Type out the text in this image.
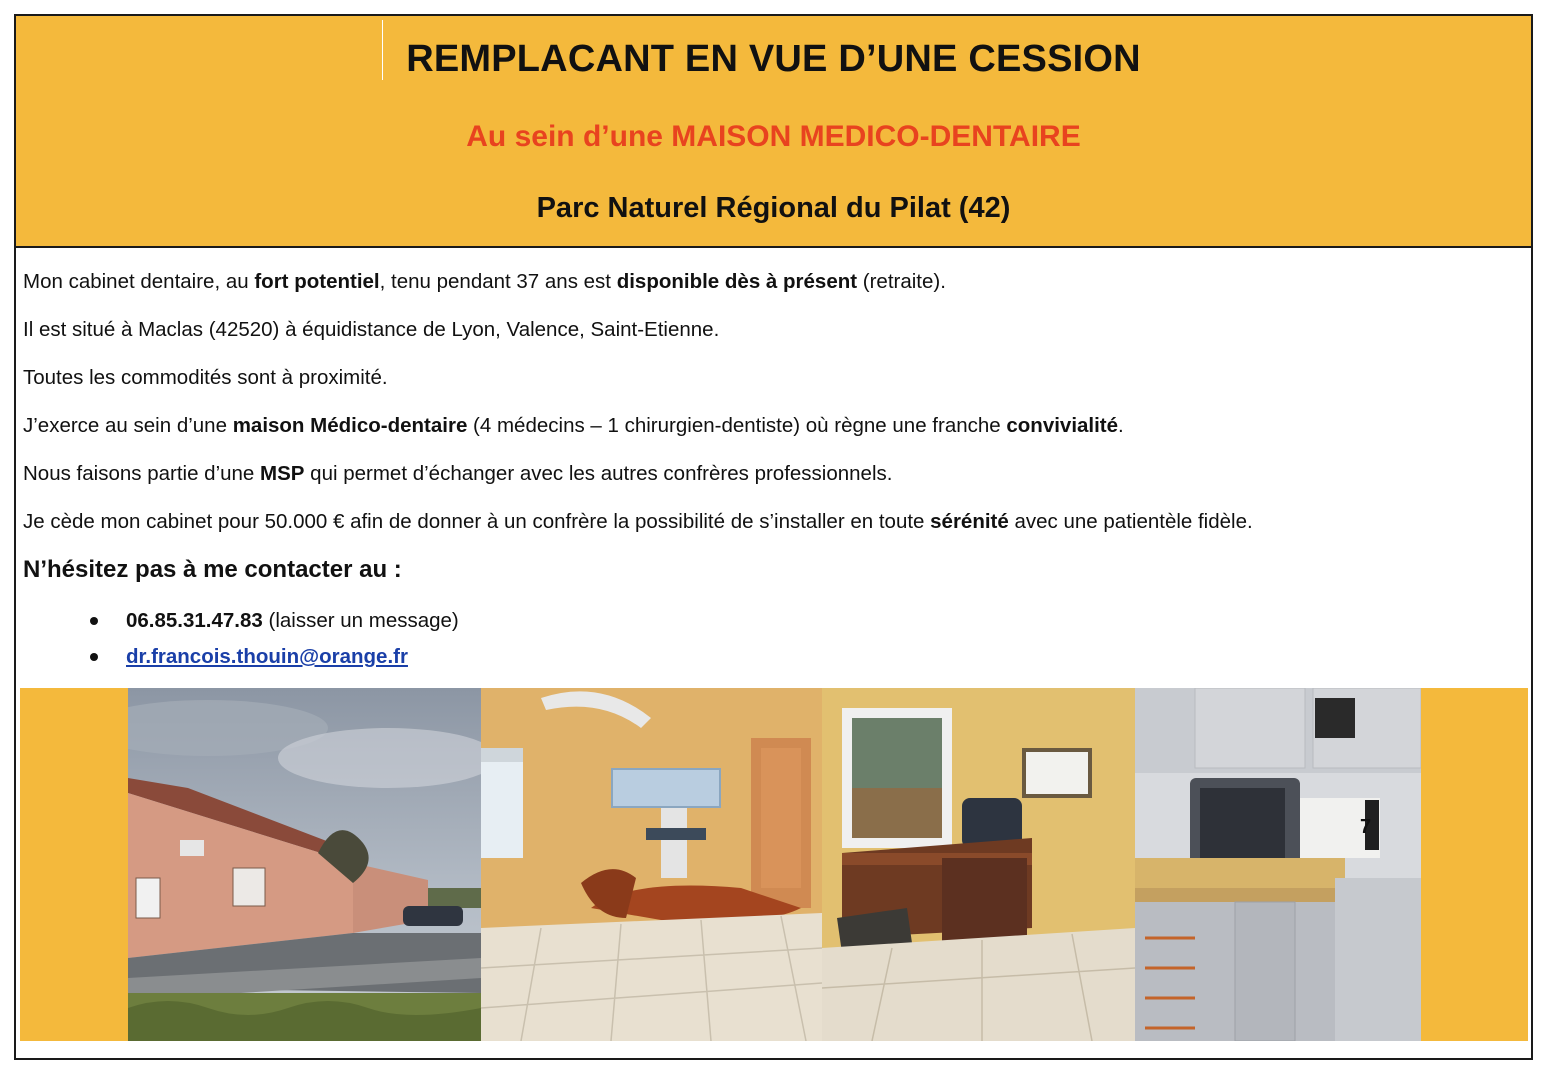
REMPLACANT EN VUE D’UNE CESSION
Au sein d’une MAISON MEDICO-DENTAIRE
Parc Naturel Régional du Pilat (42)

Mon cabinet dentaire, au fort potentiel, tenu pendant 37 ans est disponible dès à présent (retraite).

Il est situé à Maclas (42520) à équidistance de Lyon, Valence, Saint-Etienne.

Toutes les commodités sont à proximité.

J’exerce au sein d’une maison Médico-dentaire (4 médecins – 1 chirurgien-dentiste) où règne une franche convivialité.

Nous faisons partie d’une MSP qui permet d’échanger avec les autres confrères professionnels.

Je cède mon cabinet pour 50.000 € afin de donner à un confrère la possibilité de s’installer en toute sérénité avec une patientèle fidèle.

N’hésitez pas à me contacter au :
06.85.31.47.83 (laisser un message)
dr.francois.thouin@orange.fr
7
